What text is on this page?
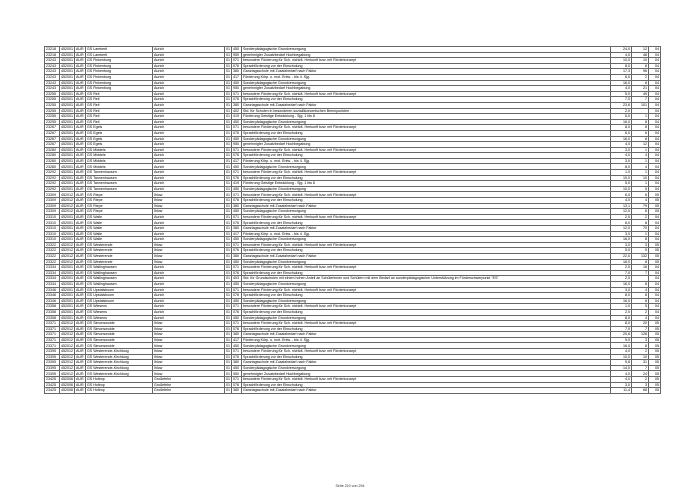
23218	452001	AUR	GS Lamberti	Aurich	01	450	Sonderpädagogische Grundversorgung	24,0	12	04
23218	452001	AUR	GS Lamberti	Aurich	01	950	genehmigter Zusatzbedarf Hochbegabung	4,0	48	04
23243	452001	AUR	GS Finkenburg	Aurich	01	071	besondere Förderung für Sch. nichtdt. Herkunft bzw. mit Förderkonzept	10,0	10	04
23243	452001	AUR	GS Finkenburg	Aurich	01	076	Sprachförderung vor der Einschulung	8,0	8	04
23243	452001	AUR	GS Finkenburg	Aurich	01	380	Ganztagsschule mit Zusatzbedarf nach Faktor	17,3	96	04
23243	452001	AUR	GS Finkenburg	Aurich	01	417	Förderung Körp. u. mot. Entw. - bis 4. Sjg.	6,0	2	04
23243	452001	AUR	GS Finkenburg	Aurich	01	450	Sonderpädagogische Grundversorgung	16,0	8	04
23243	452001	AUR	GS Finkenburg	Aurich	01	950	genehmigter Zusatzbedarf Hochbegabung	4,0	21	04
23255	452001	AUR	GS Reil	Aurich	01	071	besondere Förderung für Sch. nichtdt. Herkunft bzw. mit Förderkonzept	5,0	49	04
23255	452001	AUR	GS Reil	Aurich	01	076	Sprachförderung vor der Einschulung	7,0	7	04
23255	452001	AUR	GS Reil	Aurich	01	380	Ganztagsschule mit Zusatzbedarf nach Faktor	23,6	101	04
23255	452001	AUR	GS Reil	Aurich	01	402	Std. für Schulen in besonderen sozialökonomischen Brennpunkten	2,0		04
23255	452001	AUR	GS Reil	Aurich	01	419	Förderung Geistige Entwicklung - Sjg. 1 bis 8	5,0	1	04
23255	452001	AUR	GS Reil	Aurich	01	450	Sonderpädagogische Grundversorgung	16,0	8	04
23267	452001	AUR	GS Egels	Aurich	01	071	besondere Förderung für Sch. nichtdt. Herkunft bzw. mit Förderkonzept	8,0	8	04
23267	452001	AUR	GS Egels	Aurich	01	076	Sprachförderung vor der Einschulung	6,0	6	04
23267	452001	AUR	GS Egels	Aurich	01	450	Sonderpädagogische Grundversorgung	16,0	8	04
23267	452001	AUR	GS Egels	Aurich	01	950	genehmigter Zusatzbedarf Hochbegabung	4,0	12	04
23280	452001	AUR	GS Middels	Aurich	01	071	besondere Förderung für Sch. nichtdt. Herkunft bzw. mit Förderkonzept	3,0	1	04
23280	452001	AUR	GS Middels	Aurich	01	076	Sprachförderung vor der Einschulung	4,0	4	04
23280	452001	AUR	GS Middels	Aurich	01	417	Förderung Körp. u. mot. Entw. - bis 4. Sjg.	3,0	1	04
23280	452001	AUR	GS Middels	Aurich	01	450	Sonderpädagogische Grundversorgung	8,0	4	04
23292	452001	AUR	GS Tannenhausen	Aurich	01	071	besondere Förderung für Sch. nichtdt. Herkunft bzw. mit Förderkonzept	1,0	1	04
23292	452001	AUR	GS Tannenhausen	Aurich	01	076	Sprachförderung vor der Einschulung	10,0	10	04
23292	452001	AUR	GS Tannenhausen	Aurich	01	419	Förderung Geistige Entwicklung - Sjg. 1 bis 8	5,0	1	04
23292	452001	AUR	GS Tannenhausen	Aurich	01	450	Sonderpädagogische Grundversorgung	10,0	5	04
23309	452012	AUR	GS Riepe	Ihlow	01	071	besondere Förderung für Sch. nichtdt. Herkunft bzw. mit Förderkonzept	6,0	6	05
23309	452012	AUR	GS Riepe	Ihlow	01	076	Sprachförderung vor der Einschulung	4,0	4	05
23309	452012	AUR	GS Riepe	Ihlow	01	380	Ganztagsschule mit Zusatzbedarf nach Faktor	13,1	79	05
23309	452012	AUR	GS Riepe	Ihlow	01	450	Sonderpädagogische Grundversorgung	12,0	6	05
23310	452001	AUR	GS Walle	Aurich	01	071	besondere Förderung für Sch. nichtdt. Herkunft bzw. mit Förderkonzept	2,0	2	04
23310	452001	AUR	GS Walle	Aurich	01	076	Sprachförderung vor der Einschulung	8,0	8	04
23310	452001	AUR	GS Walle	Aurich	01	380	Ganztagsschule mit Zusatzbedarf nach Faktor	12,0	70	04
23310	452001	AUR	GS Walle	Aurich	01	417	Förderung Körp. u. mot. Entw. - bis 4. Sjg.	3,0	1	04
23310	452001	AUR	GS Walle	Aurich	01	450	Sonderpädagogische Grundversorgung	16,0	8	04
23322	452012	AUR	GS Westerende	Ihlow	01	071	besondere Förderung für Sch. nichtdt. Herkunft bzw. mit Förderkonzept	3,0	3	05
23322	452012	AUR	GS Westerende	Ihlow	01	076	Sprachförderung vor der Einschulung	5,0	5	05
23322	452012	AUR	GS Westerende	Ihlow	01	380	Ganztagsschule mit Zusatzbedarf nach Faktor	22,0	132	05
23322	452012	AUR	GS Westerende	Ihlow	01	450	Sonderpädagogische Grundversorgung	16,0	8	05
23334	452001	AUR	GS Wallinghausen	Aurich	01	071	besondere Förderung für Sch. nichtdt. Herkunft bzw. mit Förderkonzept	2,0	16	04
23334	452001	AUR	GS Wallinghausen	Aurich	01	076	Sprachförderung vor der Einschulung	7,0	7	04
23334	452001	AUR	GS Wallinghausen	Aurich	01	403	Std. für Grundschulen mit einem hohen Anteil an Schülerinnen und Schülern mit dem Bedarf an sonderpädagogischer Unterstützung im Förderschwerpunkt "ES"	2,0		04
23334	452001	AUR	GS Wallinghausen	Aurich	01	450	Sonderpädagogische Grundversorgung	16,0	8	04
23346	452001	AUR	GS Upstalsboom	Aurich	01	071	besondere Förderung für Sch. nichtdt. Herkunft bzw. mit Förderkonzept	3,0	4	04
23346	452001	AUR	GS Upstalsboom	Aurich	01	076	Sprachförderung vor der Einschulung	8,0	8	04
23346	452001	AUR	GS Upstalsboom	Aurich	01	450	Sonderpädagogische Grundversorgung	16,0	8	04
23358	452001	AUR	GS Wiesens	Aurich	01	071	besondere Förderung für Sch. nichtdt. Herkunft bzw. mit Förderkonzept	1,0	5	04
23358	452001	AUR	GS Wiesens	Aurich	01	076	Sprachförderung vor der Einschulung	2,0	2	04
23358	452001	AUR	GS Wiesens	Aurich	01	450	Sonderpädagogische Grundversorgung	8,0	4	04
23371	452012	AUR	GS Simonswolde	Ihlow	01	071	besondere Förderung für Sch. nichtdt. Herkunft bzw. mit Förderkonzept	8,0	20	05
23371	452012	AUR	GS Simonswolde	Ihlow	01	076	Sprachförderung vor der Einschulung	7,0	7	05
23371	452012	AUR	GS Simonswolde	Ihlow	01	380	Ganztagsschule mit Zusatzbedarf nach Faktor	20,6	128	05
23371	452012	AUR	GS Simonswolde	Ihlow	01	417	Förderung Körp. u. mot. Entw. - bis 4. Sjg.	9,0	3	05
23371	452012	AUR	GS Simonswolde	Ihlow	01	450	Sonderpädagogische Grundversorgung	16,0	8	05
23395	452012	AUR	GS Westerende-Kirchloog	Ihlow	01	071	besondere Förderung für Sch. nichtdt. Herkunft bzw. mit Förderkonzept	4,0	2	05
23395	452012	AUR	GS Westerende-Kirchloog	Ihlow	01	076	Sprachförderung vor der Einschulung	10,0	10	05
23395	452012	AUR	GS Westerende-Kirchloog	Ihlow	01	380	Ganztagsschule mit Zusatzbedarf nach Faktor	5,8	31	05
23395	452012	AUR	GS Westerende-Kirchloog	Ihlow	01	450	Sonderpädagogische Grundversorgung	14,0	7	05
23395	452012	AUR	GS Westerende-Kirchloog	Ihlow	01	950	genehmigter Zusatzbedarf Hochbegabung	4,0	24	05
23425	452006	AUR	GS Holtrop	Großefehn	01	071	besondere Förderung für Sch. nichtdt. Herkunft bzw. mit Förderkonzept	4,0	2	05
23425	452006	AUR	GS Holtrop	Großefehn	01	076	Sprachförderung vor der Einschulung	3,0	3	05
23425	452006	AUR	GS Holtrop	Großefehn	01	380	Ganztagsschule mit Zusatzbedarf nach Faktor	11,4	68	05
Seite 210 von 294
